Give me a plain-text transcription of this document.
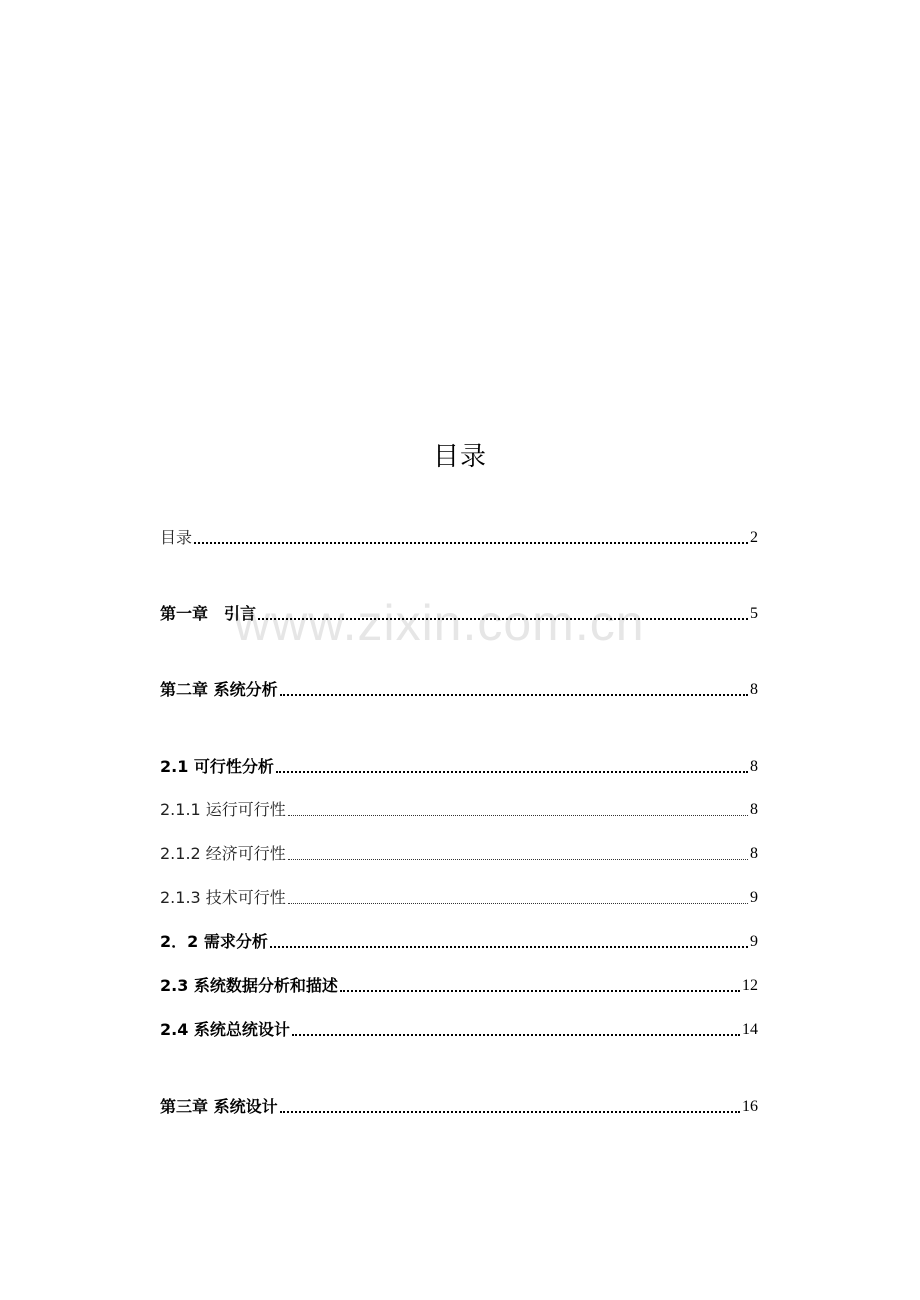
目录
www.zixin.com.cn
目录	2
第一章　引言	5
第二章 系统分析	8
2.1 可行性分析	8
2.1.1 运行可行性	8
2.1.2 经济可行性	8
2.1.3 技术可行性	9
2．2 需求分析	9
2.3 系统数据分析和描述	12
2.4 系统总统设计	14
第三章 系统设计	16
